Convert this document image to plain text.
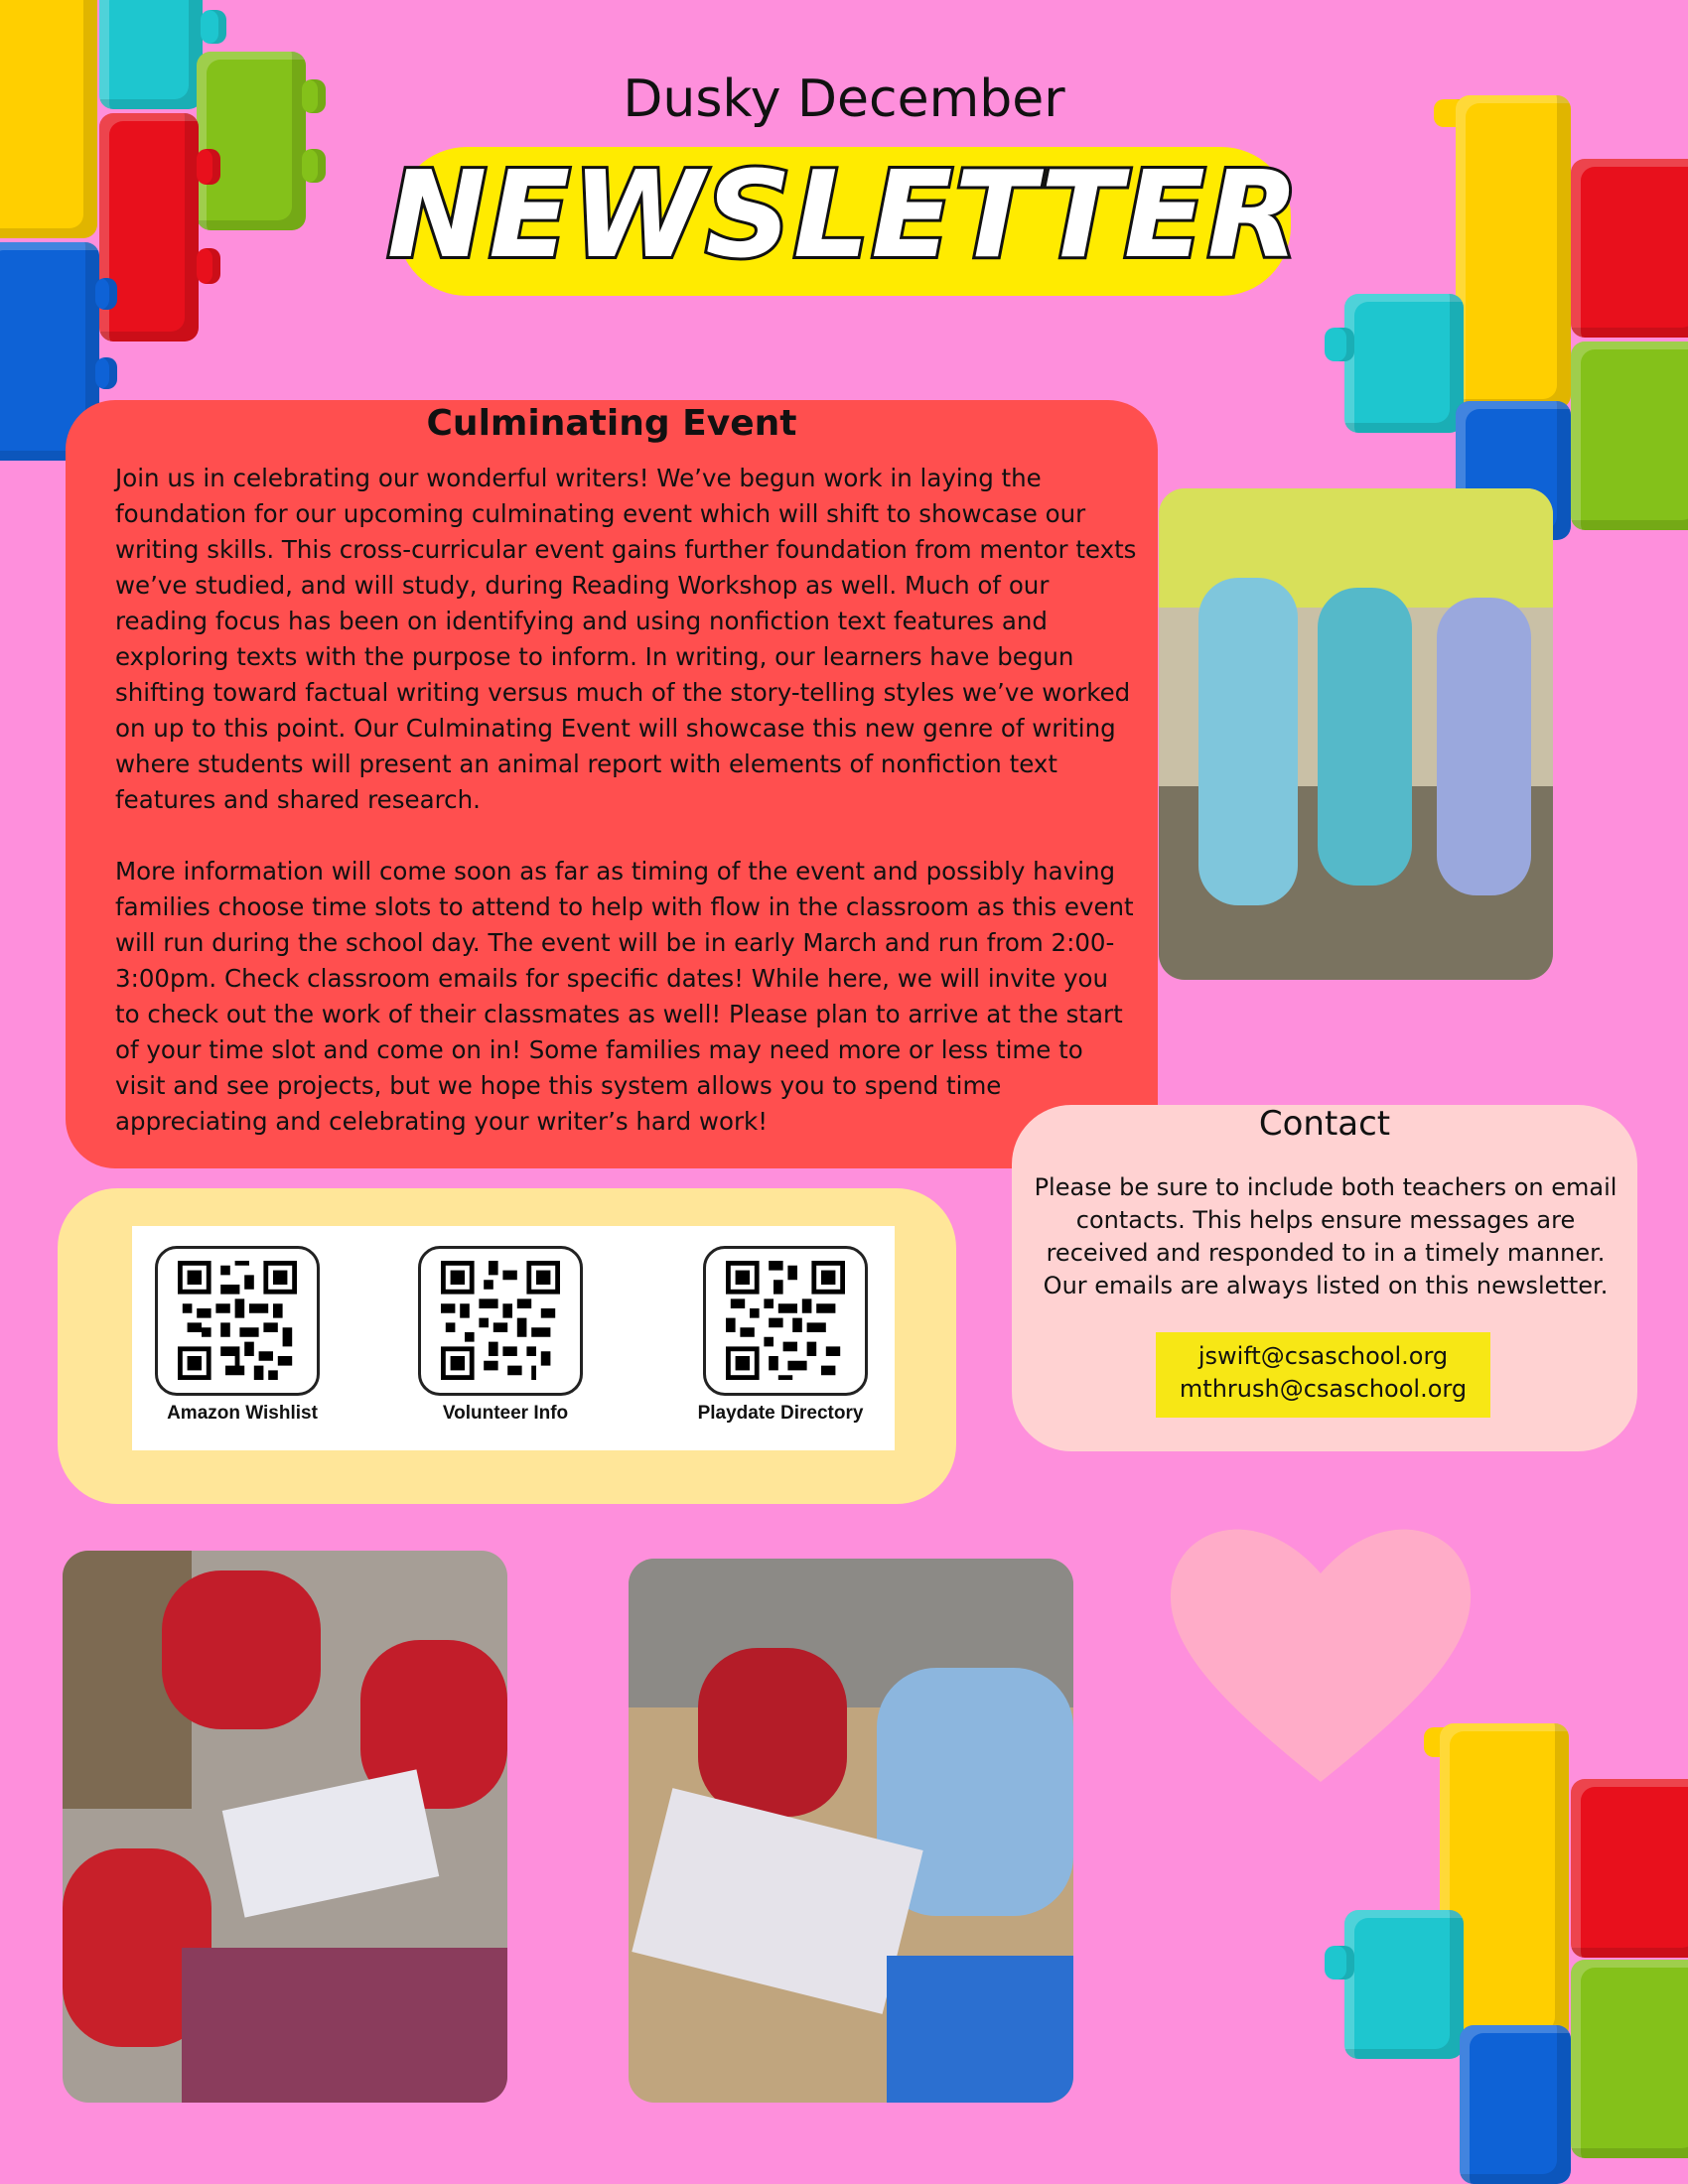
Dusky December
NEWSLETTER
Culminating Event

Join us in celebrating our wonderful writers! We’ve begun work in laying the foundation for our upcoming culminating event which will shift to showcase our writing skills. This cross-curricular event gains further foundation from mentor texts we’ve studied, and will study, during Reading Workshop as well. Much of our reading focus has been on identifying and using nonfiction text features and exploring texts with the purpose to inform. In writing, our learners have begun shifting toward factual writing versus much of the story-telling styles we’ve worked on up to this point. Our Culminating Event will showcase this new genre of writing where students will present an animal report with elements of nonfiction text features and shared research.

More information will come soon as far as timing of the event and possibly having families choose time slots to attend to help with flow in the classroom as this event will run during the school day. The event will be in early March and run from 2:00-3:00pm. Check classroom emails for specific dates! While here, we will invite you to check out the work of their classmates as well! Please plan to arrive at the start of your time slot and come on in! Some families may need more or less time to visit and see projects, but we hope this system allows you to spend time appreciating and celebrating your writer’s hard work!

Amazon Wishlist	Volunteer Info	Playdate Directory
Contact

Please be sure to include both teachers on email contacts. This helps ensure messages are received and responded to in a timely manner. Our emails are always listed on this newsletter.

jswift@csaschool.org
mthrush@csaschool.org
